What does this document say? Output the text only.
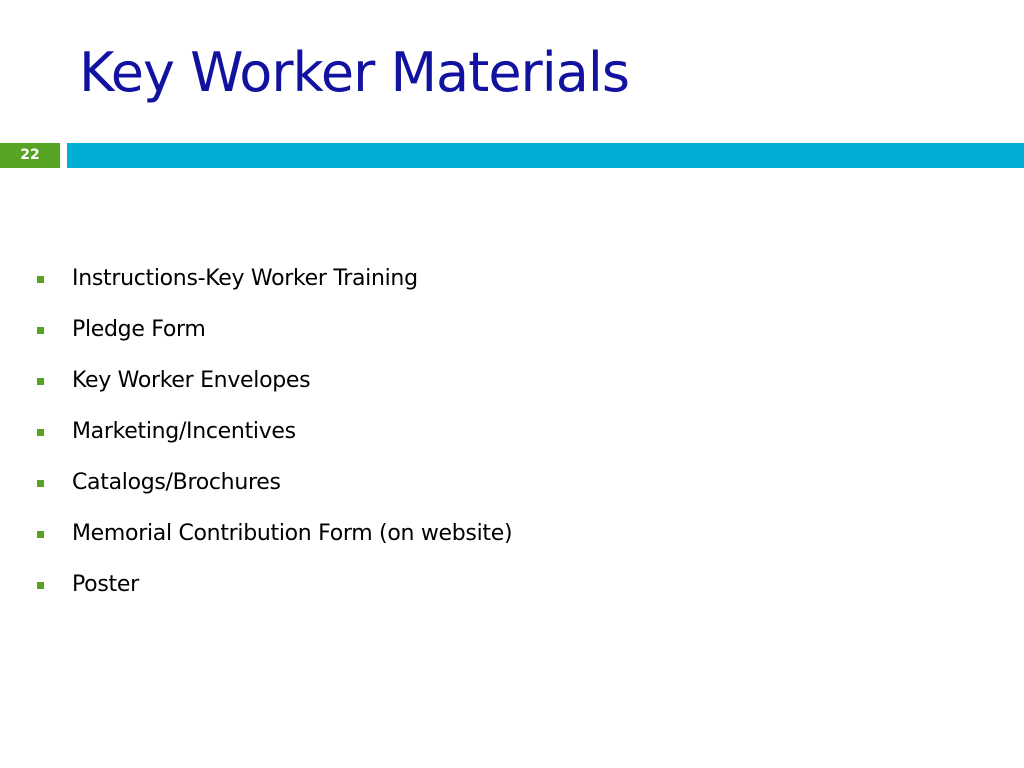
Key Worker Materials
22
Instructions-Key Worker Training
Pledge Form
Key Worker Envelopes
Marketing/Incentives
Catalogs/Brochures
Memorial Contribution Form (on website)
Poster
